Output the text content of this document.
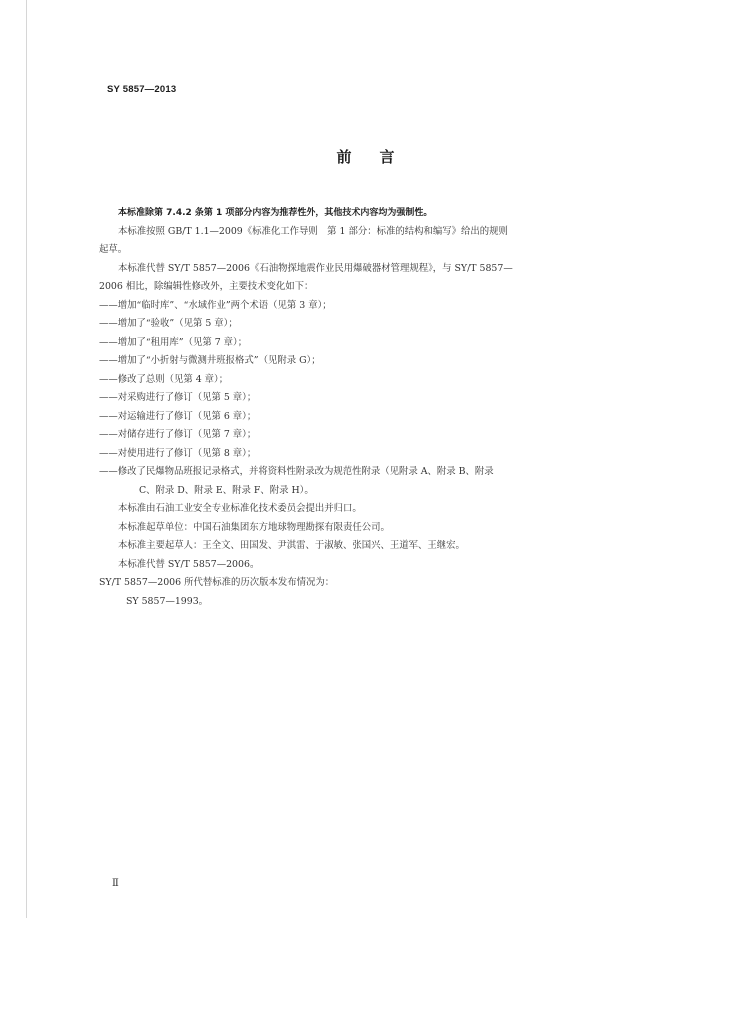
SY 5857—2013
前言

本标准除第 7.4.2 条第 1 项部分内容为推荐性外，其他技术内容均为强制性。

本标准按照 GB/T 1.1—2009《标准化工作导则　第 1 部分：标准的结构和编写》给出的规则

起草。

本标准代替 SY/T 5857—2006《石油物探地震作业民用爆破器材管理规程》，与 SY/T 5857—

2006 相比，除编辑性修改外，主要技术变化如下：

——增加“临时库”、“水域作业”两个术语（见第 3 章）；

——增加了“验收”（见第 5 章）；

——增加了“租用库”（见第 7 章）；

——增加了“小折射与微测井班报格式”（见附录 G）；

——修改了总则（见第 4 章）；

——对采购进行了修订（见第 5 章）；

——对运输进行了修订（见第 6 章）；

——对储存进行了修订（见第 7 章）；

——对使用进行了修订（见第 8 章）；

——修改了民爆物品班报记录格式，并将资料性附录改为规范性附录（见附录 A、附录 B、附录

C、附录 D、附录 E、附录 F、附录 H）。

本标准由石油工业安全专业标准化技术委员会提出并归口。

本标准起草单位：中国石油集团东方地球物理勘探有限责任公司。

本标准主要起草人：王全文、田国发、尹淇雷、于淑敏、张国兴、王道军、王继宏。

本标准代替 SY/T 5857—2006。

SY/T 5857—2006 所代替标准的历次版本发布情况为：

SY 5857—1993。

Ⅱ
